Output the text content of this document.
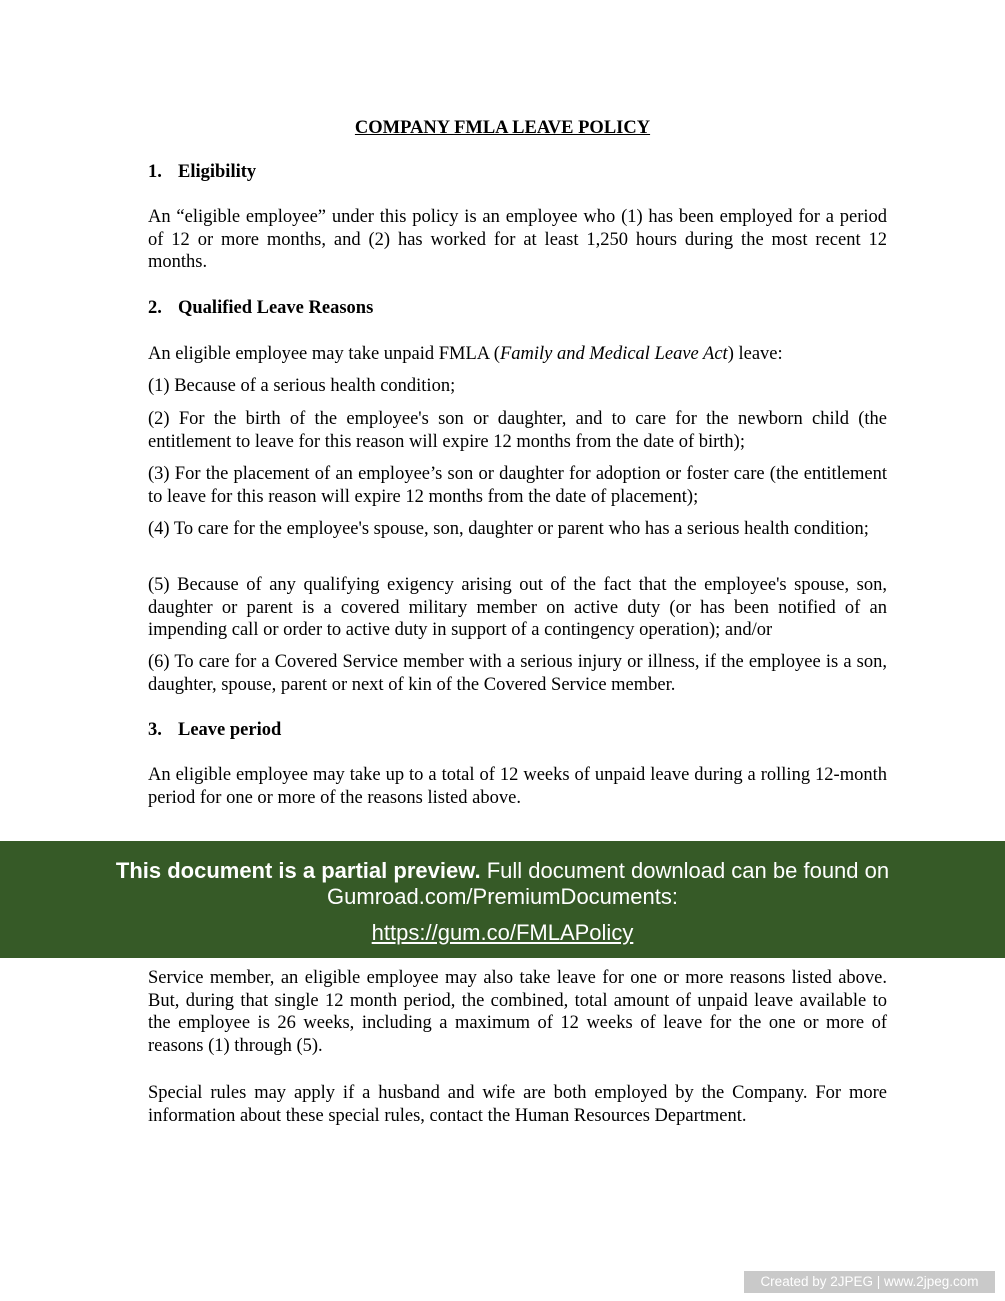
COMPANY FMLA LEAVE POLICY
1. Eligibility
An “eligible employee” under this policy is an employee who (1) has been employed for a period of 12 or more months, and (2) has worked for at least 1,250 hours during the most recent 12 months.
2. Qualified Leave Reasons
An eligible employee may take unpaid FMLA (Family and Medical Leave Act) leave:
(1) Because of a serious health condition;
(2) For the birth of the employee's son or daughter, and to care for the newborn child (the entitlement to leave for this reason will expire 12 months from the date of birth);
(3) For the placement of an employee’s son or daughter for adoption or foster care (the entitlement to leave for this reason will expire 12 months from the date of placement);
(4) To care for the employee's spouse, son, daughter or parent who has a serious health condition;
(5) Because of any qualifying exigency arising out of the fact that the employee's spouse, son, daughter or parent is a covered military member on active duty (or has been notified of an impending call or order to active duty in support of a contingency operation); and/or
(6) To care for a Covered Service member with a serious injury or illness, if the employee is a son, daughter, spouse, parent or next of kin of the Covered Service member.
3. Leave period
An eligible employee may take up to a total of 12 weeks of unpaid leave during a rolling 12-month period for one or more of the reasons listed above.
Service member, an eligible employee may also take leave for one or more reasons listed above. But, during that single 12 month period, the combined, total amount of unpaid leave available to the employee is 26 weeks, including a maximum of 12 weeks of leave for the one or more of reasons (1) through (5).
Special rules may apply if a husband and wife are both employed by the Company. For more information about these special rules, contact the Human Resources Department.
This document is a partial preview. Full document download can be found on Gumroad.com/PremiumDocuments:
https://gum.co/FMLAPolicy
Created by 2JPEG | www.2jpeg.com
